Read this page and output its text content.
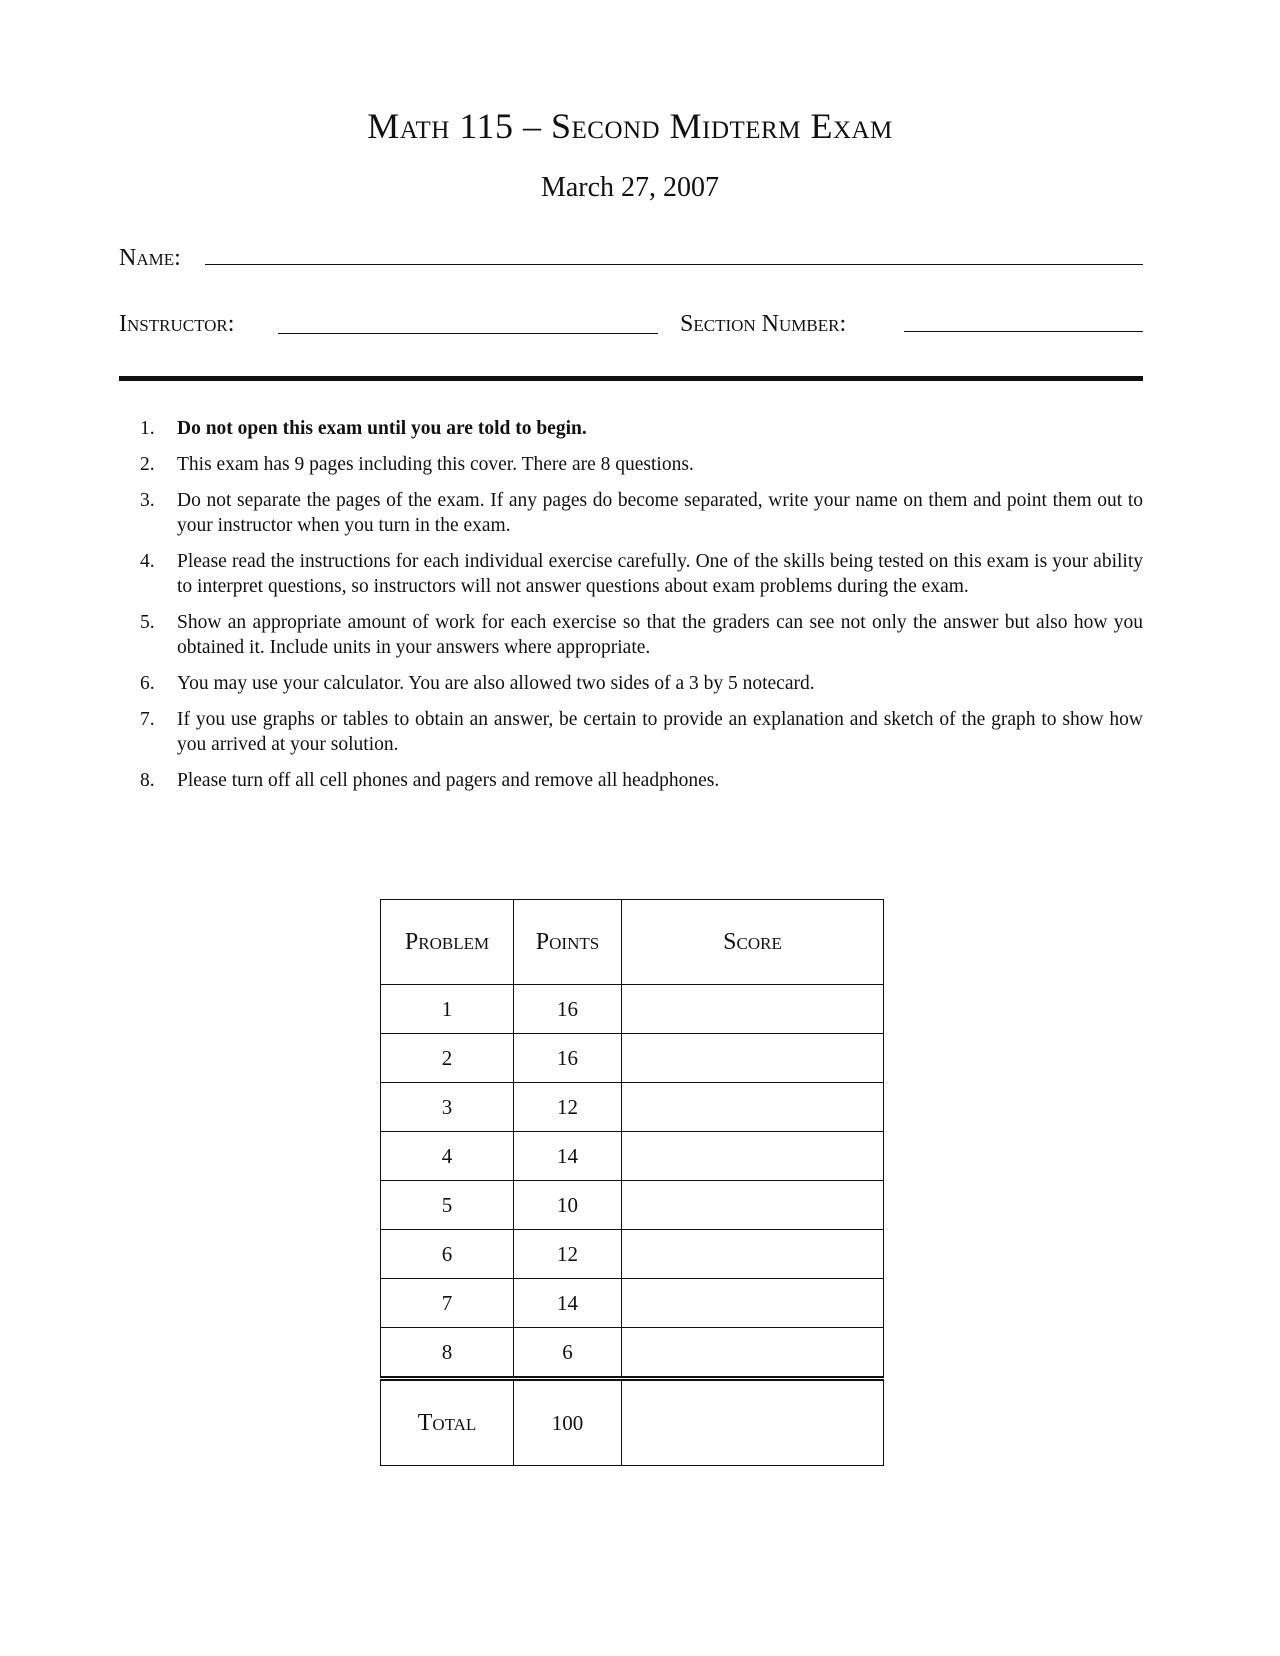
Math 115 – Second Midterm Exam
March 27, 2007
Name:
Instructor:	Section Number:
1. Do not open this exam until you are told to begin.
2. This exam has 9 pages including this cover. There are 8 questions.
3. Do not separate the pages of the exam. If any pages do become separated, write your name on them and point them out to your instructor when you turn in the exam.
4. Please read the instructions for each individual exercise carefully. One of the skills being tested on this exam is your ability to interpret questions, so instructors will not answer questions about exam problems during the exam.
5. Show an appropriate amount of work for each exercise so that the graders can see not only the answer but also how you obtained it. Include units in your answers where appropriate.
6. You may use your calculator. You are also allowed two sides of a 3 by 5 notecard.
7. If you use graphs or tables to obtain an answer, be certain to provide an explanation and sketch of the graph to show how you arrived at your solution.
8. Please turn off all cell phones and pagers and remove all headphones.
Problem	Points	Score
1	16	
2	16	
3	12	
4	14	
5	10	
6	12	
7	14	
8	6	
Total	100	
